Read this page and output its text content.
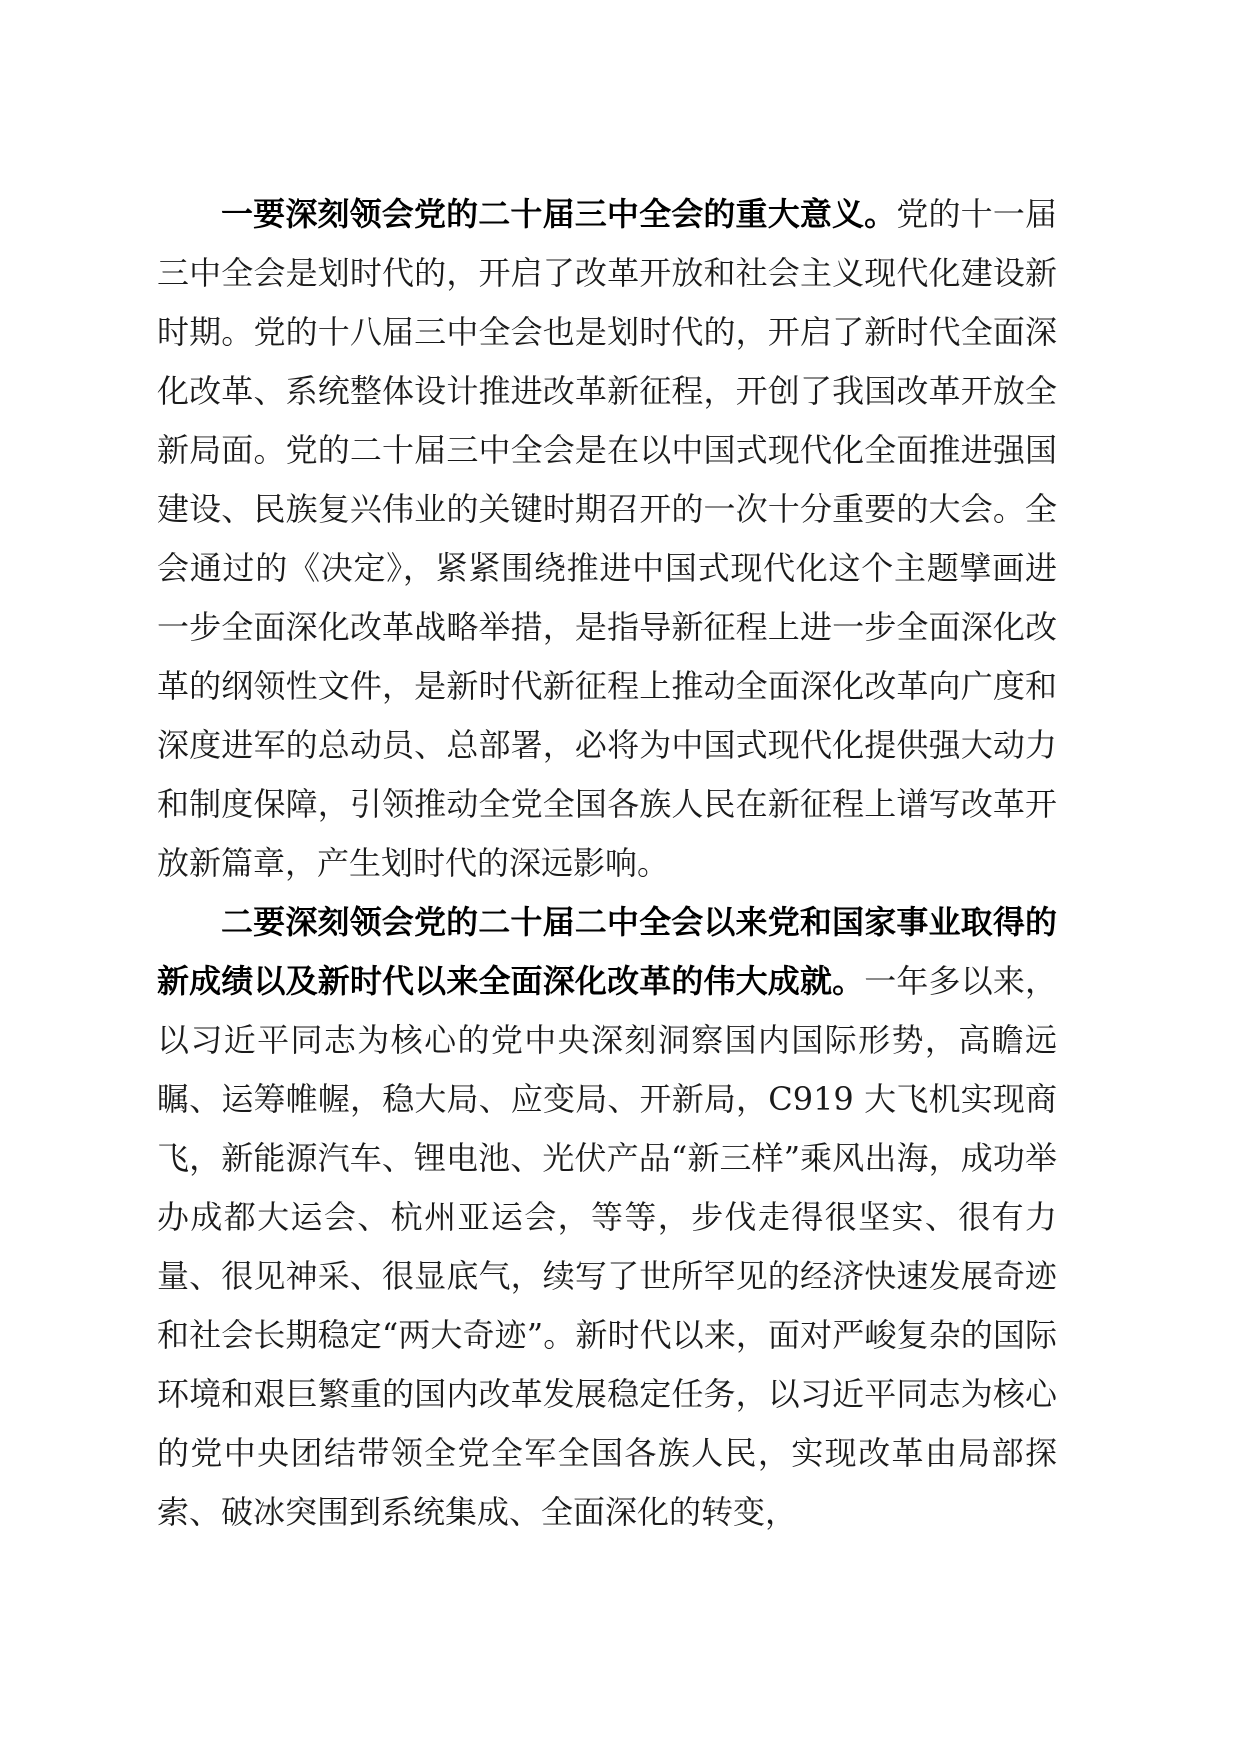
一要深刻领会党的二十届三中全会的重大意义。党的十一届三中全会是划时代的，开启了改革开放和社会主义现代化建设新时期。党的十八届三中全会也是划时代的，开启了新时代全面深化改革、系统整体设计推进改革新征程，开创了我国改革开放全新局面。党的二十届三中全会是在以中国式现代化全面推进强国建设、民族复兴伟业的关键时期召开的一次十分重要的大会。全会通过的《决定》，紧紧围绕推进中国式现代化这个主题擘画进一步全面深化改革战略举措，是指导新征程上进一步全面深化改革的纲领性文件，是新时代新征程上推动全面深化改革向广度和深度进军的总动员、总部署，必将为中国式现代化提供强大动力和制度保障，引领推动全党全国各族人民在新征程上谱写改革开放新篇章，产生划时代的深远影响。

二要深刻领会党的二十届二中全会以来党和国家事业取得的新成绩以及新时代以来全面深化改革的伟大成就。一年多以来，以习近平同志为核心的党中央深刻洞察国内国际形势，高瞻远瞩、运筹帷幄，稳大局、应变局、开新局，C919 大飞机实现商飞，新能源汽车、锂电池、光伏产品“新三样”乘风出海，成功举办成都大运会、杭州亚运会，等等，步伐走得很坚实、很有力量、很见神采、很显底气，续写了世所罕见的经济快速发展奇迹和社会长期稳定“两大奇迹”。新时代以来，面对严峻复杂的国际环境和艰巨繁重的国内改革发展稳定任务，以习近平同志为核心的党中央团结带领全党全军全国各族人民，实现改革由局部探索、破冰突围到系统集成、全面深化的转变，
